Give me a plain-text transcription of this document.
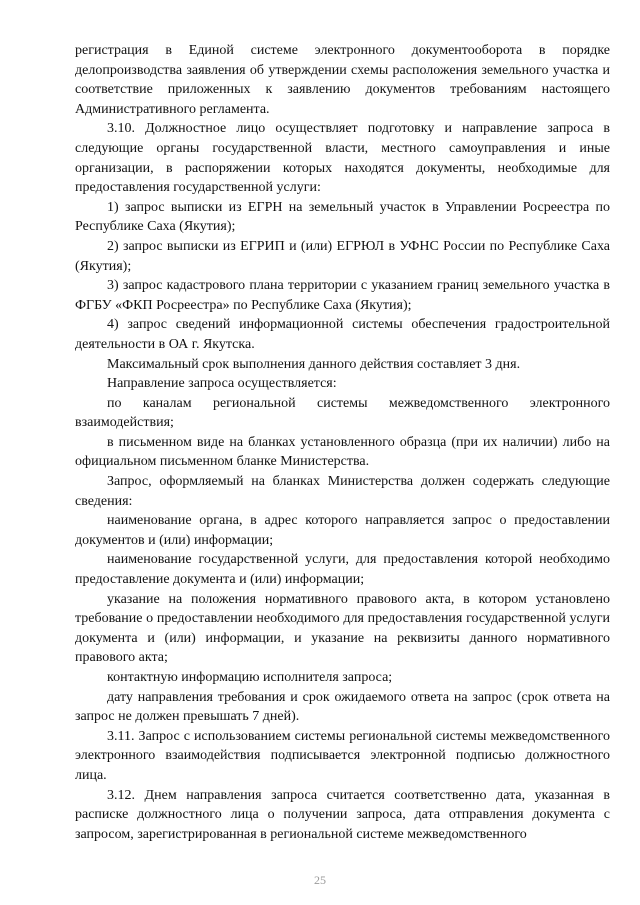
регистрация в Единой системе электронного документооборота в порядке делопроизводства заявления об утверждении схемы расположения земельного участка и соответствие приложенных к заявлению документов требованиям настоящего Административного регламента.

3.10. Должностное лицо осуществляет подготовку и направление запроса в следующие органы государственной власти, местного самоуправления и иные организации, в распоряжении которых находятся документы, необходимые для предоставления государственной услуги:

1) запрос выписки из ЕГРН на земельный участок в Управлении Росреестра по Республике Саха (Якутия);

2) запрос выписки из ЕГРИП и (или) ЕГРЮЛ в УФНС России по Республике Саха (Якутия);

3) запрос кадастрового плана территории с указанием границ земельного участка в ФГБУ «ФКП Росреестра» по Республике Саха (Якутия);

4) запрос сведений информационной системы обеспечения градостроительной деятельности в ОА г. Якутска.

Максимальный срок выполнения данного действия составляет 3 дня.

Направление запроса осуществляется:

по каналам региональной системы межведомственного электронного взаимодействия;

в письменном виде на бланках установленного образца (при их наличии) либо на официальном письменном бланке Министерства.

Запрос, оформляемый на бланках Министерства должен содержать следующие сведения:

наименование органа, в адрес которого направляется запрос о предоставлении документов и (или) информации;

наименование государственной услуги, для предоставления которой необходимо предоставление документа и (или) информации;

указание на положения нормативного правового акта, в котором установлено требование о предоставлении необходимого для предоставления государственной услуги документа и (или) информации, и указание на реквизиты данного нормативного правового акта;

контактную информацию исполнителя запроса;

дату направления требования и срок ожидаемого ответа на запрос (срок ответа на запрос не должен превышать 7 дней).

3.11. Запрос с использованием системы региональной системы межведомственного электронного взаимодействия подписывается электронной подписью должностного лица.

3.12. Днем направления запроса считается соответственно дата, указанная в расписке должностного лица о получении запроса, дата отправления документа с запросом, зарегистрированная в региональной системе межведомственного

25
